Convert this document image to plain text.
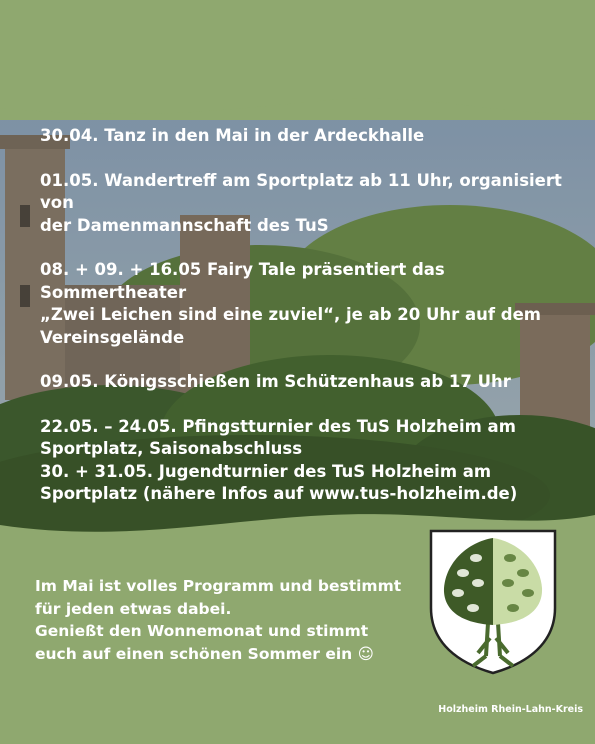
30.04. Tanz in den Mai in der Ardeckhalle

01.05. Wandertreff am Sportplatz ab 11 Uhr, organisiert von

der Damenmannschaft des TuS

08. + 09. + 16.05 Fairy Tale präsentiert das Sommertheater

„Zwei Leichen sind eine zuviel“, je ab 20 Uhr auf dem

Vereinsgelände

09.05. Königsschießen im Schützenhaus ab 17 Uhr

22.05. – 24.05. Pfingstturnier des TuS Holzheim am

Sportplatz, Saisonabschluss

30. + 31.05. Jugendturnier des TuS Holzheim am

Sportplatz (nähere Infos auf www.tus-holzheim.de)

Im Mai ist volles Programm und bestimmt

für jeden etwas dabei.

Genießt den Wonnemonat und stimmt

euch auf einen schönen Sommer ein ☺

Holzheim Rhein-Lahn-Kreis
